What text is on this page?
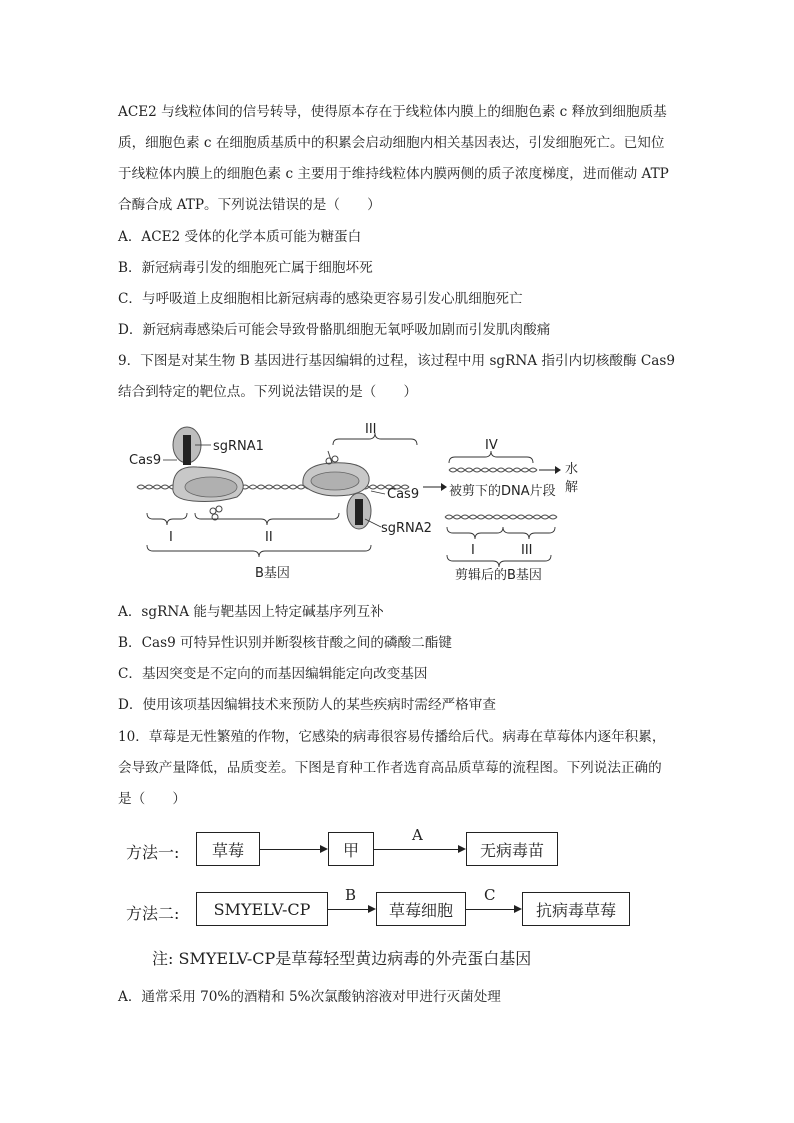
ACE2 与线粒体间的信号转导，使得原本存在于线粒体内膜上的细胞色素 c 释放到细胞质基
质，细胞色素 c 在细胞质基质中的积累会启动细胞内相关基因表达，引发细胞死亡。已知位
于线粒体内膜上的细胞色素 c 主要用于维持线粒体内膜两侧的质子浓度梯度，进而催动 ATP
合酶合成 ATP。下列说法错误的是（　　）
A．ACE2 受体的化学本质可能为糖蛋白
B．新冠病毒引发的细胞死亡属于细胞坏死
C．与呼吸道上皮细胞相比新冠病毒的感染更容易引发心肌细胞死亡
D．新冠病毒感染后可能会导致骨骼肌细胞无氧呼吸加剧而引发肌肉酸痛
9．下图是对某生物 B 基因进行基因编辑的过程，该过程中用 sgRNA 指引内切核酸酶 Cas9
结合到特定的靶位点。下列说法错误的是（　　）
Cas9
sgRNA1
III
Cas9
sgRNA2
IV
水
解
被剪下的DNA片段
I	III
剪辑后的B基因
I	II
B基因
A．sgRNA 能与靶基因上特定碱基序列互补
B．Cas9 可特异性识别并断裂核苷酸之间的磷酸二酯键
C．基因突变是不定向的而基因编辑能定向改变基因
D．使用该项基因编辑技术来预防人的某些疾病时需经严格审查
10．草莓是无性繁殖的作物，它感染的病毒很容易传播给后代。病毒在草莓体内逐年积累，
会导致产量降低，品质变差。下图是育种工作者选育高品质草莓的流程图。下列说法正确的
是（　　）
方法一:	草莓	甲
A
无病毒苗
方法二:	SMYELV-CP
B
草莓细胞
C
抗病毒草莓
注: SMYELV-CP是草莓轻型黄边病毒的外壳蛋白基因
A．通常采用 70%的酒精和 5%次氯酸钠溶液对甲进行灭菌处理
